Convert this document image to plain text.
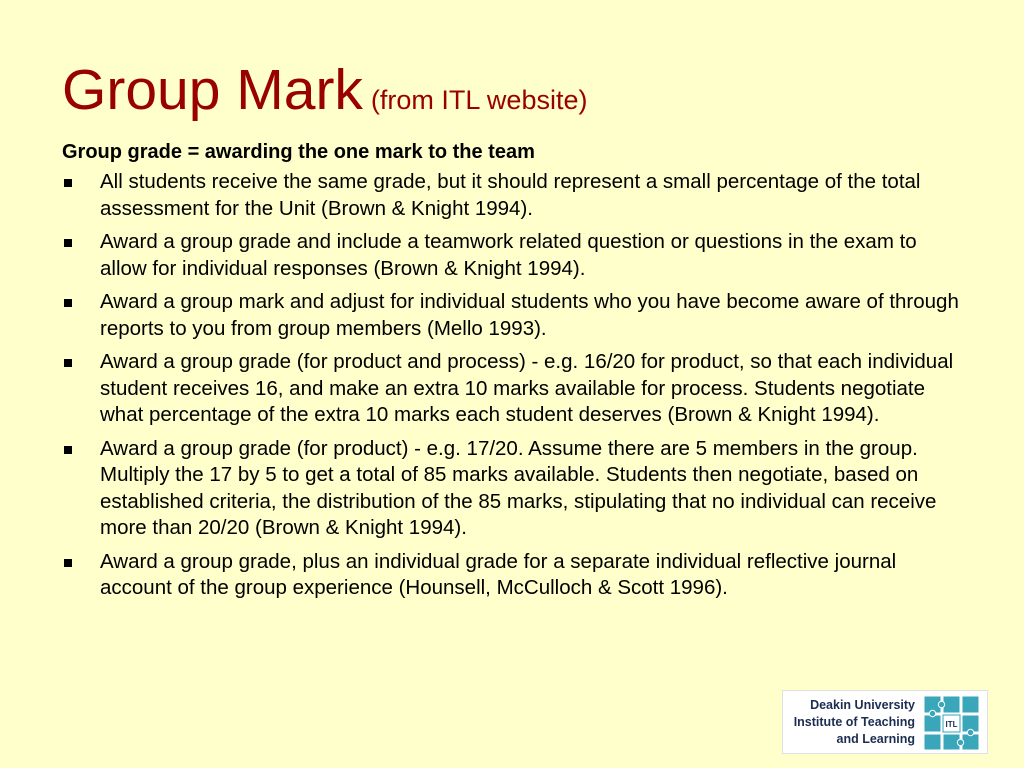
Group Mark (from ITL website)

Group grade = awarding the one mark to the team

All students receive the same grade, but it should represent a small percentage of the total assessment for the Unit (Brown & Knight 1994).
Award a group grade and include a teamwork related question or questions in the exam to allow for individual responses (Brown & Knight 1994).
Award a group mark and adjust for individual students who you have become aware of through reports to you from group members (Mello 1993).
Award a group grade (for product and process) - e.g. 16/20 for product, so that each individual student receives 16, and make an extra 10 marks available for process. Students negotiate what percentage of the extra 10 marks each student deserves (Brown & Knight 1994).
Award a group grade (for product) - e.g. 17/20. Assume there are 5 members in the group. Multiply the 17 by 5 to get a total of 85 marks available. Students then negotiate, based on established criteria, the distribution of the 85 marks, stipulating that no individual can receive more than 20/20 (Brown & Knight 1994).
Award a group grade, plus an individual grade for a separate individual reflective journal account of the group experience (Hounsell, McCulloch & Scott 1996).
Deakin University
Institute of Teaching
and Learning
ITL
